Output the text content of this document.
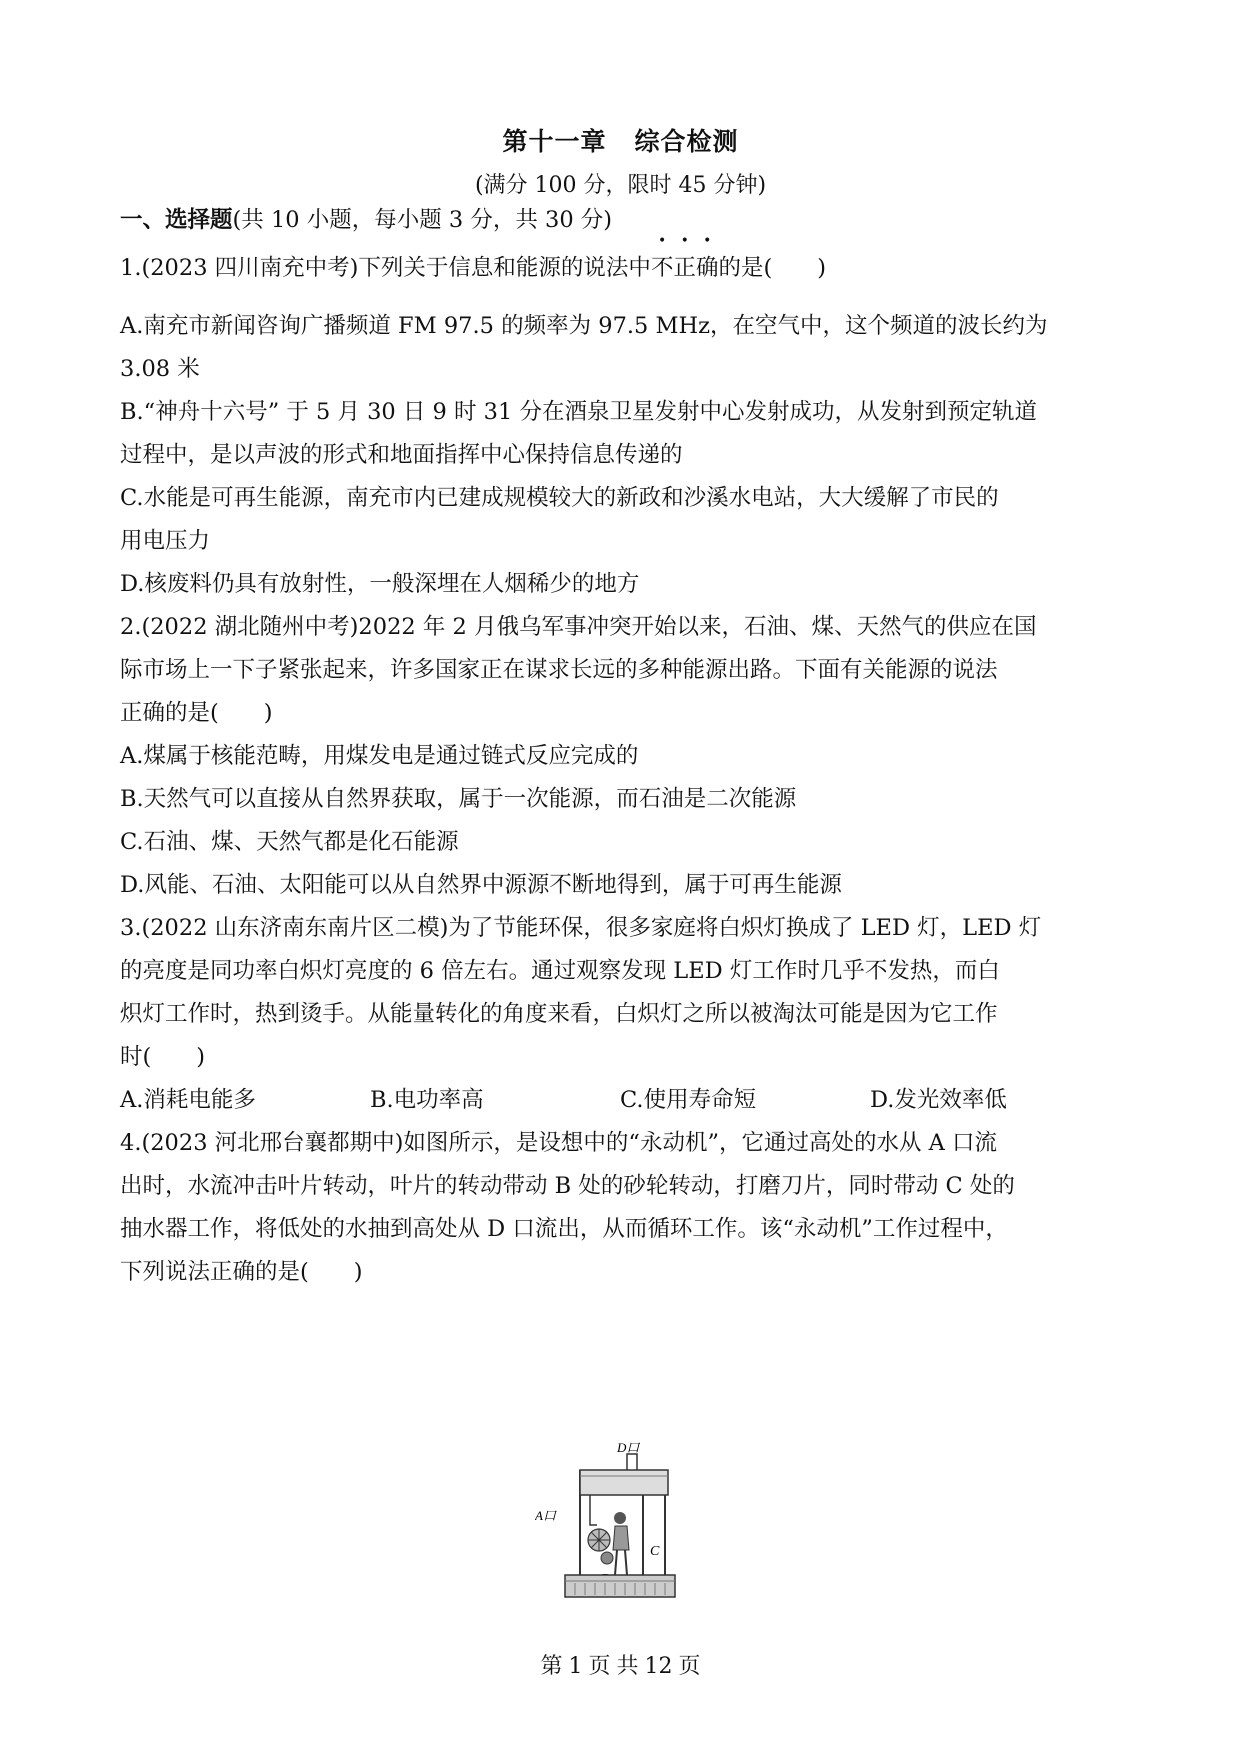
第十一章 综合检测
(满分 100 分，限时 45 分钟)
一、选择题(共 10 小题，每小题 3 分，共 30 分)
1.(2023 四川南充中考)下列关于信息和能源的说法中不正确的是(　　)
A.南充市新闻咨询广播频道 FM 97.5 的频率为 97.5 MHz，在空气中，这个频道的波长约为
3.08 米
B.“神舟十六号” 于 5 月 30 日 9 时 31 分在酒泉卫星发射中心发射成功，从发射到预定轨道
过程中，是以声波的形式和地面指挥中心保持信息传递的
C.水能是可再生能源，南充市内已建成规模较大的新政和沙溪水电站，大大缓解了市民的
用电压力
D.核废料仍具有放射性，一般深埋在人烟稀少的地方
2.(2022 湖北随州中考)2022 年 2 月俄乌军事冲突开始以来，石油、煤、天然气的供应在国
际市场上一下子紧张起来，许多国家正在谋求长远的多种能源出路。下面有关能源的说法
正确的是(　　)
A.煤属于核能范畴，用煤发电是通过链式反应完成的
B.天然气可以直接从自然界获取，属于一次能源，而石油是二次能源
C.石油、煤、天然气都是化石能源
D.风能、石油、太阳能可以从自然界中源源不断地得到，属于可再生能源
3.(2022 山东济南东南片区二模)为了节能环保，很多家庭将白炽灯换成了 LED 灯，LED 灯
的亮度是同功率白炽灯亮度的 6 倍左右。通过观察发现 LED 灯工作时几乎不发热，而白
炽灯工作时，热到烫手。从能量转化的角度来看，白炽灯之所以被淘汰可能是因为它工作
时(　　)
A.消耗电能多	B.电功率高	C.使用寿命短	D.发光效率低
4.(2023 河北邢台襄都期中)如图所示，是设想中的“永动机”，它通过高处的水从 A 口流
出时，水流冲击叶片转动，叶片的转动带动 B 处的砂轮转动，打磨刀片，同时带动 C 处的
抽水器工作，将低处的水抽到高处从 D 口流出，从而循环工作。该“永动机”工作过程中，
下列说法正确的是(　　)
D口
A口
C
第 1 页 共 12 页
